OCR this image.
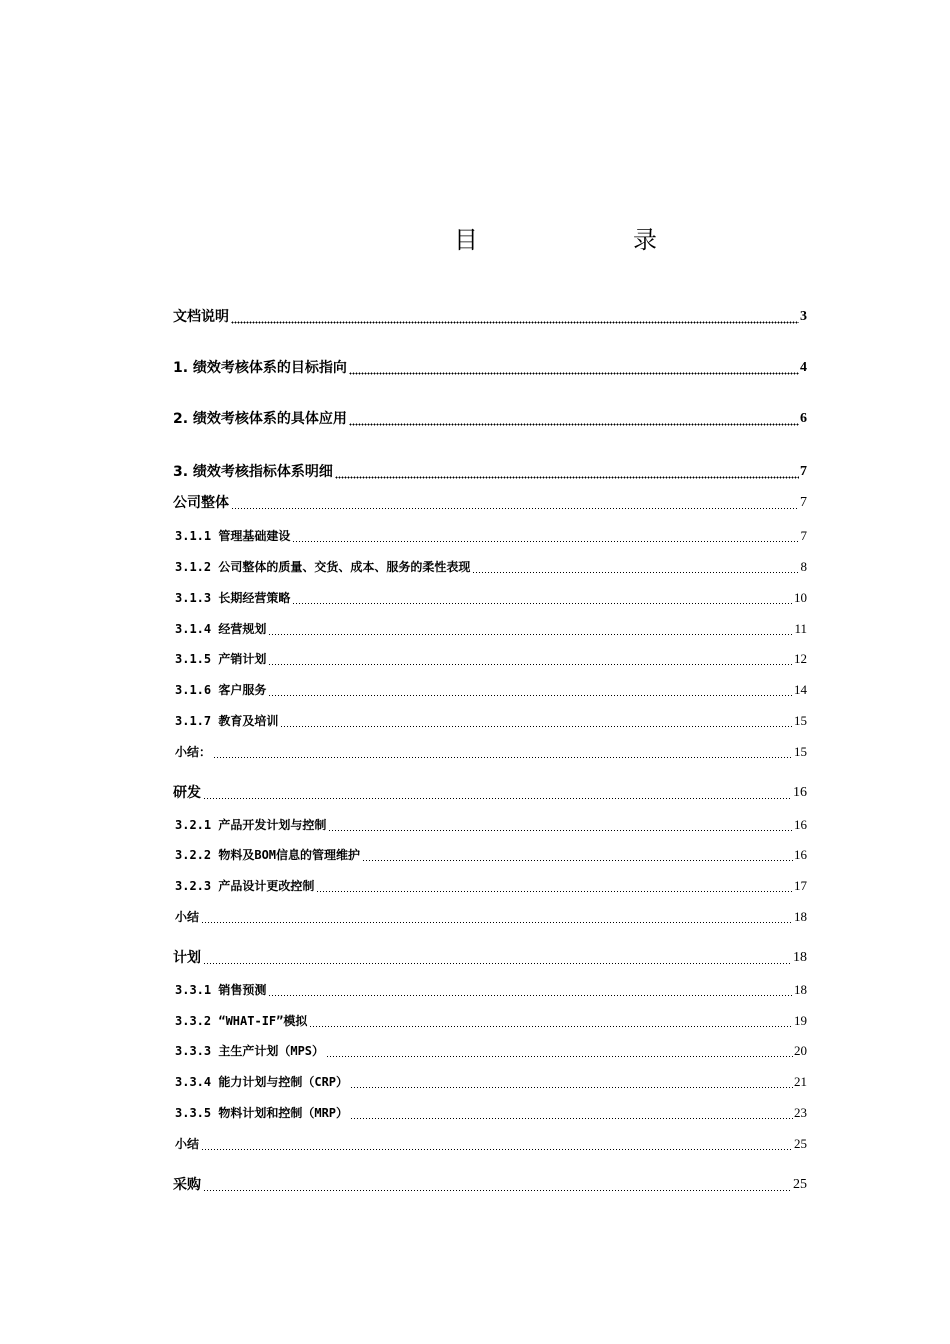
目	录
文档说明	3
1. 绩效考核体系的目标指向	4
2. 绩效考核体系的具体应用	6
3. 绩效考核指标体系明细	7
公司整体	7
3.1.1 管理基础建设	7
3.1.2 公司整体的质量、交货、成本、服务的柔性表现	8
3.1.3 长期经营策略	10
3.1.4 经营规划	11
3.1.5 产销计划	12
3.1.6 客户服务	14
3.1.7 教育及培训	15
小结：	15
研发	16
3.2.1 产品开发计划与控制	16
3.2.2 物料及BOM信息的管理维护	16
3.2.3 产品设计更改控制	17
小结	18
计划	18
3.3.1 销售预测	18
3.3.2 “WHAT-IF”模拟	19
3.3.3 主生产计划（MPS）	20
3.3.4 能力计划与控制（CRP）	21
3.3.5 物料计划和控制（MRP）	23
小结	25
采购	25
